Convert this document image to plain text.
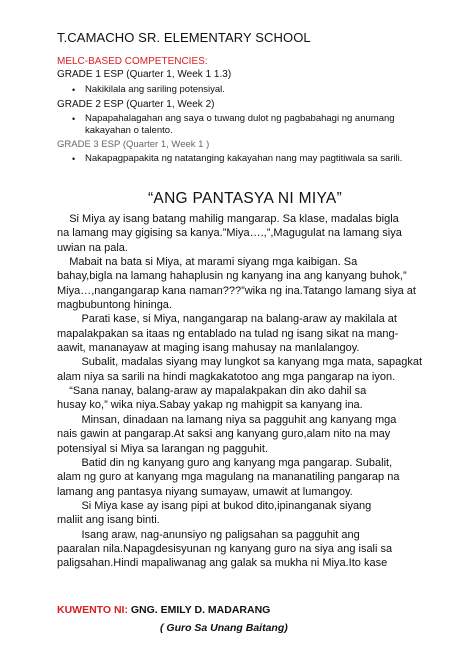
T.CAMACHO SR. ELEMENTARY SCHOOL
MELC-BASED COMPETENCIES:
GRADE 1 ESP (Quarter 1, Week 1 1.3)
• Nakikilala ang sariling potensiyal.
GRADE 2 ESP (Quarter 1, Week 2)
• Napapahalagahan ang saya o tuwang dulot ng pagbabahagi ng anumang kakayahan o talento.
GRADE 3 ESP (Quarter 1, Week 1 )
• Nakapagpapakita ng natatanging kakayahan nang may pagtitiwala sa sarili.
“ANG PANTASYA NI MIYA”

Si Miya ay isang batang mahilig mangarap. Sa klase, madalas bigla

na lamang may gigising sa kanya.”Miya….,”,Magugulat na lamang siya

uwian na pala.

Mabait na bata si Miya, at marami siyang mga kaibigan. Sa

bahay,bigla na lamang hahaplusin ng kanyang ina ang kanyang buhok,”

Miya…,nangangarap kana naman???”wika ng ina.Tatango lamang siya at

magbubuntong hininga.

Parati kase, si Miya, nangangarap na balang-araw ay makilala at

mapalakpakan sa itaas ng entablado na tulad ng isang sikat na mang-

aawit, mananayaw at maging isang mahusay na manlalangoy.

Subalit, madalas siyang may lungkot sa kanyang mga mata, sapagkat

alam niya sa sarili na hindi magkakatotoo ang mga pangarap na iyon.

“Sana nanay, balang-araw ay mapalakpakan din ako dahil sa

husay ko,” wika niya.Sabay yakap ng mahigpit sa kanyang ina.

Minsan, dinadaan na lamang niya sa pagguhit ang kanyang mga

nais gawin at pangarap.At saksi ang kanyang guro,alam nito na may

potensiyal si Miya sa larangan ng pagguhit.

Batid din ng kanyang guro ang kanyang mga pangarap. Subalit,

alam ng guro at kanyang mga magulang na mananatiling pangarap na

lamang ang pantasya niyang sumayaw, umawit at lumangoy.

Si Miya kase ay isang pipi at bukod dito,ipinanganak siyang

maliit ang isang binti.

Isang araw, nag-anunsiyo ng paligsahan sa pagguhit ang

paaralan nila.Napagdesisyunan ng kanyang guro na siya ang isali sa

paligsahan.Hindi mapaliwanag ang galak sa mukha ni Miya.Ito kase

KUWENTO NI: GNG. EMILY D. MADARANG
( Guro Sa Unang Baitang)
